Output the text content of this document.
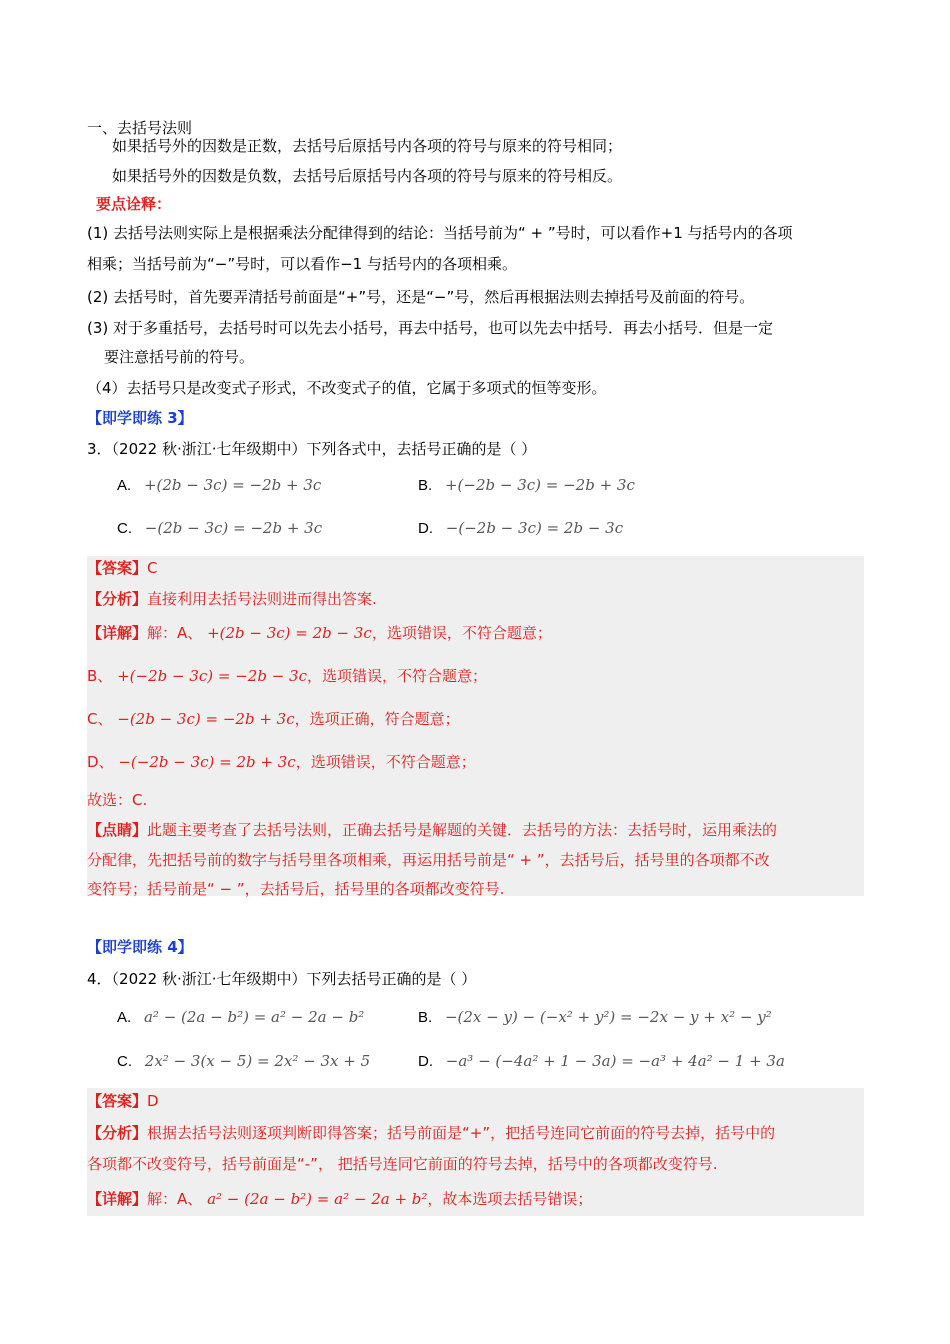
一、去括号法则
如果括号外的因数是正数，去括号后原括号内各项的符号与原来的符号相同；
如果括号外的因数是负数，去括号后原括号内各项的符号与原来的符号相反。
要点诠释：
(1) 去括号法则实际上是根据乘法分配律得到的结论：当括号前为“ + ”号时，可以看作+1 与括号内的各项
相乘；当括号前为“−”号时，可以看作−1 与括号内的各项相乘。
(2) 去括号时，首先要弄清括号前面是“+”号，还是“−”号，然后再根据法则去掉括号及前面的符号。
(3) 对于多重括号，去括号时可以先去小括号，再去中括号，也可以先去中括号．再去小括号．但是一定
要注意括号前的符号。
（4）去括号只是改变式子形式，不改变式子的值，它属于多项式的恒等变形。
【即学即练 3】
3．（2022 秋·浙江·七年级期中）下列各式中，去括号正确的是（ ）
A. +(2b − 3c) = −2b + 3c	B. +(−2b − 3c) = −2b + 3c
C. −(2b − 3c) = −2b + 3c	D. −(−2b − 3c) = 2b − 3c
【答案】C
【分析】直接利用去括号法则进而得出答案.
【详解】解：A、 +(2b − 3c) = 2b − 3c，选项错误，不符合题意；
B、 +(−2b − 3c) = −2b − 3c，选项错误，不符合题意；
C、 −(2b − 3c) = −2b + 3c，选项正确，符合题意；
D、 −(−2b − 3c) = 2b + 3c，选项错误，不符合题意；
故选：C.
【点睛】此题主要考查了去括号法则，正确去括号是解题的关键．去括号的方法：去括号时，运用乘法的
分配律，先把括号前的数字与括号里各项相乘，再运用括号前是“ + ”，去括号后，括号里的各项都不改
变符号；括号前是“ − ”，去括号后，括号里的各项都改变符号.
【即学即练 4】
4．（2022 秋·浙江·七年级期中）下列去括号正确的是（ ）
A. a² − (2a − b²) = a² − 2a − b²	B. −(2x − y) − (−x² + y²) = −2x − y + x² − y²
C. 2x² − 3(x − 5) = 2x² − 3x + 5	D. −a³ − (−4a² + 1 − 3a) = −a³ + 4a² − 1 + 3a
【答案】D
【分析】根据去括号法则逐项判断即得答案；括号前面是“+”，把括号连同它前面的符号去掉，括号中的
各项都不改变符号，括号前面是“-”， 把括号连同它前面的符号去掉，括号中的各项都改变符号.
【详解】解：A、 a² − (2a − b²) = a² − 2a + b²，故本选项去括号错误；
